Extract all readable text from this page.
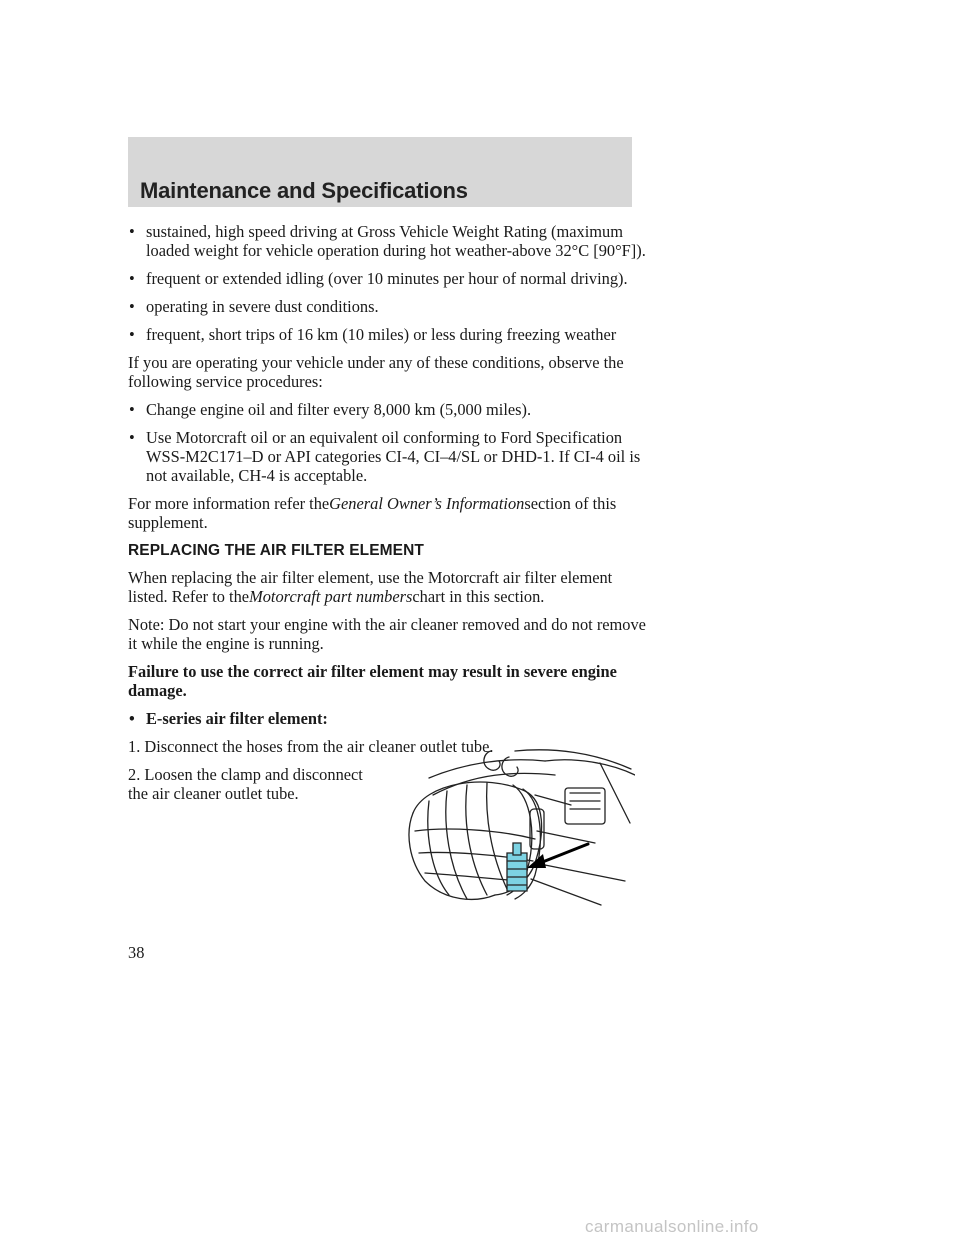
Maintenance and Specifications
• sustained, high speed driving at Gross Vehicle Weight Rating (maximum loaded weight for vehicle operation during hot weather-above 32°C [90°F]).
• frequent or extended idling (over 10 minutes per hour of normal driving).
• operating in severe dust conditions.
• frequent, short trips of 16 km (10 miles) or less during freezing weather

If you are operating your vehicle under any of these conditions, observe the following service procedures:

• Change engine oil and filter every 8,000 km (5,000 miles).
• Use Motorcraft oil or an equivalent oil conforming to Ford Specification WSS-M2C171–D or API categories CI-4, CI–4/SL or DHD-1. If CI-4 oil is not available, CH-4 is acceptable.

For more information refer theGeneral Owner’s Informationsection of this supplement.

REPLACING THE AIR FILTER ELEMENT

When replacing the air filter element, use the Motorcraft air filter element listed. Refer to theMotorcraft part numberschart in this section.

Note: Do not start your engine with the air cleaner removed and do not remove it while the engine is running.

Failure to use the correct air filter element may result in severe engine damage.

• E-series air filter element:

1. Disconnect the hoses from the air cleaner outlet tube.

2. Loosen the clamp and disconnect the air cleaner outlet tube.

38
carmanualsonline.info
